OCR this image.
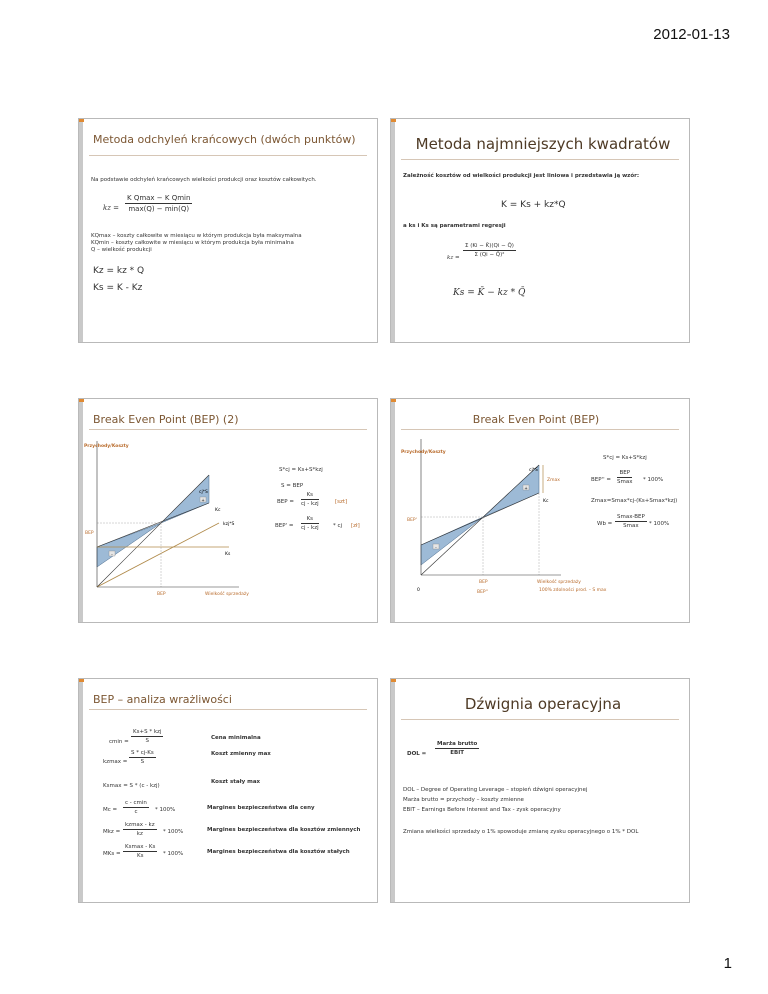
2012-01-13
Metoda odchyleń krańcowych (dwóch punktów)
Na podstawie odchyleń krańcowych wielkości produkcji oraz kosztów całkowitych.
kz =
K Qmax − K Qmin
max(Q) − min(Q)
KQmax – koszty całkowite w miesiącu w którym produkcja była maksymalna
KQmin – koszty całkowite w miesiącu w którym produkcja była minimalna
Q – wielkość produkcji
Kz = kz * Q
Ks = K - Kz
Metoda najmniejszych kwadratów
Zależność kosztów od wielkości produkcji jest liniowa i przedstawia ją wzór:
K = Ks + kz*Q
a ks i Ks są parametrami regresji
kz = $\frac{\Sigma (Ki - K̄)(Qi - Q̄)}{\text{Σ (Qi − Q̄)²}}$
Ks = K̄ − kz * Q̄
Break Even Point (BEP) (2)
+
-
Przychody/Koszty
Wielkość sprzedaży
cj*S
Kc
kzj*S
Ks
BEP
BEP
S*cj = Ks+S*kzj
S = BEP
BEP =
Ks
cj - kzj	[szt]
BEP' =
Ks
cj - kzj	* cj [zł]
Break Even Point (BEP)
+
-
Przychody/Koszty
cj*S
Zmax
Kc
BEP'
BEP	Wielkość sprzedaży
0	BEP''	100% zdolności prod. – S max
S*cj = Ks+S*kzj
BEP'' =
BEP
Smax * 100%
Zmax=Smax*cj-(Ks+Smax*kzj)
Wb =
Smax-BEP
Smax	* 100%
BEP – analiza wrażliwości
cmin =
Ks+S * kzj
S	Cena minimalna
$kzmax = \frac{S * cj-Ks}{S}$	Koszt zmienny max
Ksmax = S * (c - kzj)
Koszt stały max
Mc =
c - cmin
c	* 100%	Margines bezpieczeństwa dla ceny
Mkz =
kzmax - kz
kz	* 100%	Margines bezpieczeństwa dla kosztów zmiennych
MKs =
Ksmax - Ks
Ks	* 100%	Margines bezpieczeństwa dla kosztów stałych
Dźwignia operacyjna
DOL =
Marża brutto
EBIT
DOL – Degree of Operating Leverage – stopień dźwigni operacyjnej
Marża brutto = przychody – koszty zmienne
EBIT – Earnings Before Interest and Tax - zysk operacyjny
Zmiana wielkości sprzedaży o 1% spowoduje zmianę zysku operacyjnego o 1% * DOL
1
